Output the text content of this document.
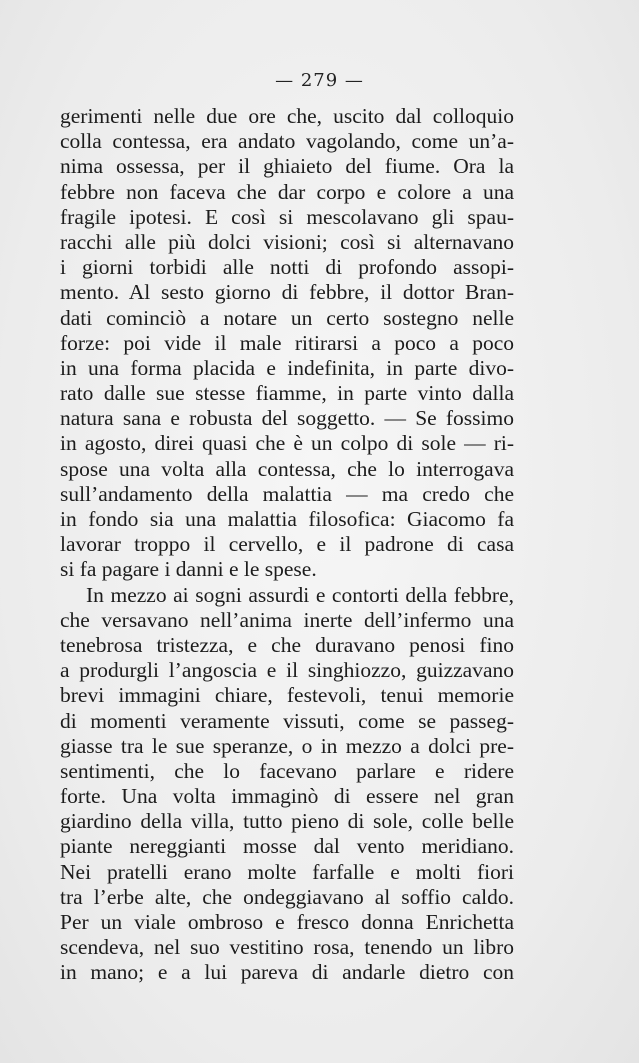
— 279 —
gerimenti nelle due ore che, uscito dal colloquio
colla contessa, era andato vagolando, come un’a-
nima ossessa, per il ghiaieto del fiume. Ora la
febbre non faceva che dar corpo e colore a una
fragile ipotesi. E così si mescolavano gli spau-
racchi alle più dolci visioni; così si alternavano
i giorni torbidi alle notti di profondo assopi-
mento. Al sesto giorno di febbre, il dottor Bran-
dati cominciò a notare un certo sostegno nelle
forze: poi vide il male ritirarsi a poco a poco
in una forma placida e indefinita, in parte divo-
rato dalle sue stesse fiamme, in parte vinto dalla
natura sana e robusta del soggetto. — Se fossimo
in agosto, direi quasi che è un colpo di sole — ri-
spose una volta alla contessa, che lo interrogava
sull’andamento della malattia — ma credo che
in fondo sia una malattia filosofica: Giacomo fa
lavorar troppo il cervello, e il padrone di casa
si fa pagare i danni e le spese.
In mezzo ai sogni assurdi e contorti della febbre,
che versavano nell’anima inerte dell’infermo una
tenebrosa tristezza, e che duravano penosi fino
a produrgli l’angoscia e il singhiozzo, guizzavano
brevi immagini chiare, festevoli, tenui memorie
di momenti veramente vissuti, come se passeg-
giasse tra le sue speranze, o in mezzo a dolci pre-
sentimenti, che lo facevano parlare e ridere
forte. Una volta immaginò di essere nel gran
giardino della villa, tutto pieno di sole, colle belle
piante nereggianti mosse dal vento meridiano.
Nei pratelli erano molte farfalle e molti fiori
tra l’erbe alte, che ondeggiavano al soffio caldo.
Per un viale ombroso e fresco donna Enrichetta
scendeva, nel suo vestitino rosa, tenendo un libro
in mano; e a lui pareva di andarle dietro con
